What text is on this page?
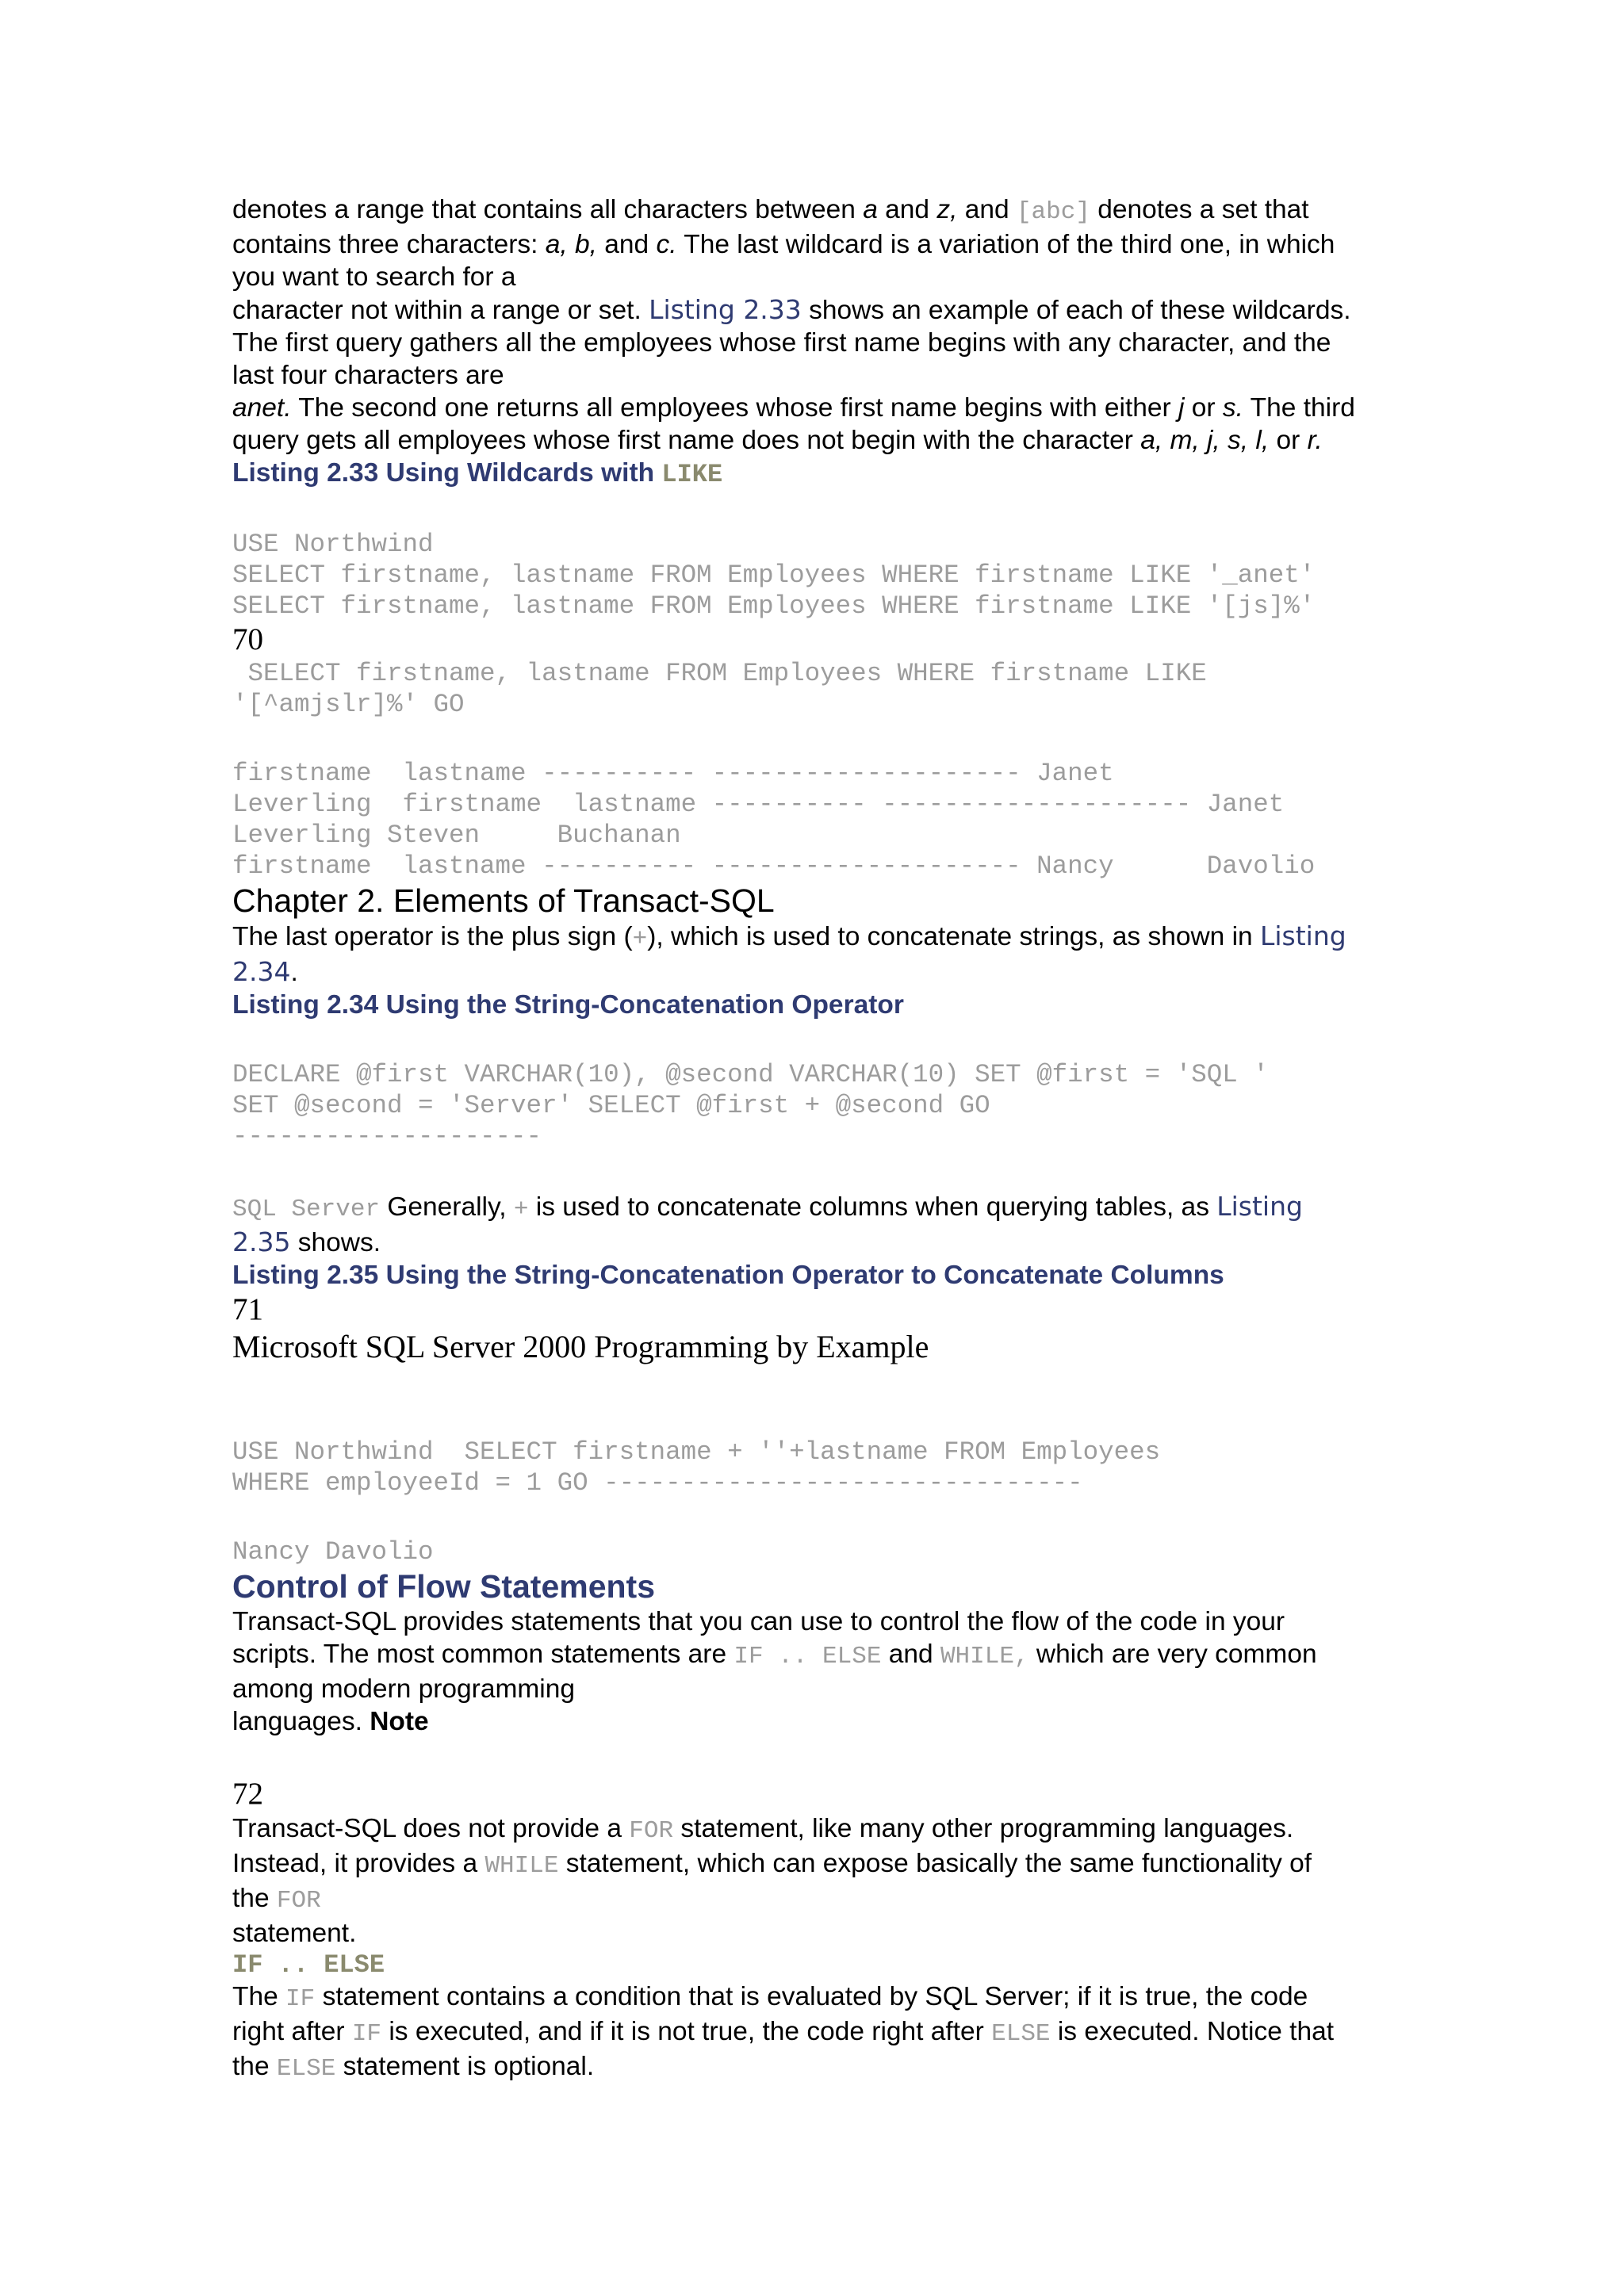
denotes a range that contains all characters between a and z, and [abc] denotes a set that
contains three characters: a, b, and c. The last wildcard is a variation of the third one, in which
you want to search for a
character not within a range or set. Listing 2.33 shows an example of each of these wildcards.
The first query gathers all the employees whose first name begins with any character, and the
last four characters are
anet. The second one returns all employees whose first name begins with either j or s. The third
query gets all employees whose first name does not begin with the character a, m, j, s, l, or r.
Listing 2.33 Using Wildcards with LIKE
USE Northwind
SELECT firstname, lastname FROM Employees WHERE firstname LIKE '_anet'
SELECT firstname, lastname FROM Employees WHERE firstname LIKE '[js]%'
70
SELECT firstname, lastname FROM Employees WHERE firstname LIKE
'[^amjslr]%' GO
firstname  lastname ---------- -------------------- Janet
Leverling  firstname  lastname ---------- -------------------- Janet
Leverling Steven     Buchanan
firstname  lastname ---------- -------------------- Nancy      Davolio
Chapter 2. Elements of Transact-SQL
The last operator is the plus sign (+), which is used to concatenate strings, as shown in Listing
2.34.
Listing 2.34 Using the String-Concatenation Operator
DECLARE @first VARCHAR(10), @second VARCHAR(10) SET @first = 'SQL '
SET @second = 'Server' SELECT @first + @second GO
--------------------
SQL Server Generally, + is used to concatenate columns when querying tables, as Listing
2.35 shows.
Listing 2.35 Using the String-Concatenation Operator to Concatenate Columns
71
Microsoft SQL Server 2000 Programming by Example
USE Northwind  SELECT firstname + ''+lastname FROM Employees
WHERE employeeId = 1 GO -------------------------------
Nancy Davolio
Control of Flow Statements
Transact-SQL provides statements that you can use to control the flow of the code in your
scripts. The most common statements are IF .. ELSE and WHILE, which are very common
among modern programming
languages. Note
72
Transact-SQL does not provide a FOR statement, like many other programming languages.
Instead, it provides a WHILE statement, which can expose basically the same functionality of
the FOR
statement.
IF .. ELSE
The IF statement contains a condition that is evaluated by SQL Server; if it is true, the code
right after IF is executed, and if it is not true, the code right after ELSE is executed. Notice that
the ELSE statement is optional.
